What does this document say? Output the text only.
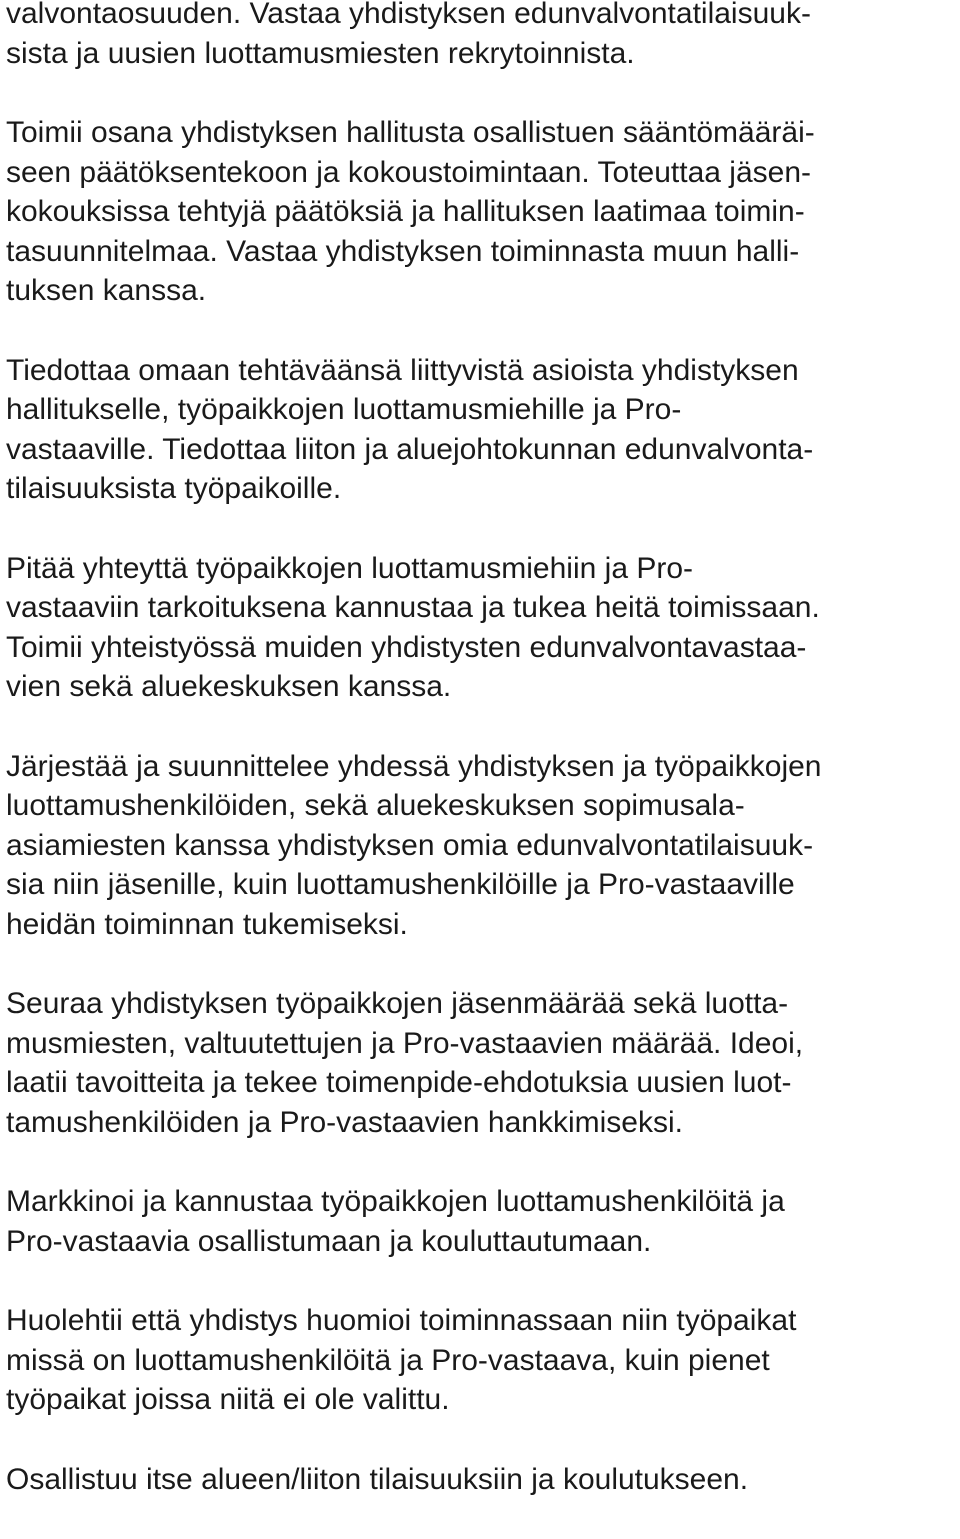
valvontaosuuden. Vastaa yhdistyksen edunvalvontatilaisuuk-
sista ja uusien luottamusmiesten rekrytoinnista.

Toimii osana yhdistyksen hallitusta osallistuen sääntömääräi-
seen päätöksentekoon ja kokoustoimintaan. Toteuttaa jäsen-
kokouksissa tehtyjä päätöksiä ja hallituksen laatimaa toimin-
tasuunnitelmaa. Vastaa yhdistyksen toiminnasta muun halli-
tuksen kanssa.

Tiedottaa omaan tehtäväänsä liittyvistä asioista yhdistyksen
hallitukselle, työpaikkojen luottamusmiehille ja Pro-
vastaaville. Tiedottaa liiton ja aluejohtokunnan edunvalvonta-
tilaisuuksista työpaikoille.

Pitää yhteyttä työpaikkojen luottamusmiehiin ja Pro-
vastaaviin tarkoituksena kannustaa ja tukea heitä toimissaan.
Toimii yhteistyössä muiden yhdistysten edunvalvontavastaa-
vien sekä aluekeskuksen kanssa.

Järjestää ja suunnittelee yhdessä yhdistyksen ja työpaikkojen
luottamushenkilöiden, sekä aluekeskuksen sopimusala-
asiamiesten kanssa yhdistyksen omia edunvalvontatilaisuuk-
sia niin jäsenille, kuin luottamushenkilöille ja Pro-vastaaville
heidän toiminnan tukemiseksi.

Seuraa yhdistyksen työpaikkojen jäsenmäärää sekä luotta-
musmiesten, valtuutettujen ja Pro-vastaavien määrää. Ideoi,
laatii tavoitteita ja tekee toimenpide-ehdotuksia uusien luot-
tamushenkilöiden ja Pro-vastaavien hankkimiseksi.

Markkinoi ja kannustaa työpaikkojen luottamushenkilöitä ja
Pro-vastaavia osallistumaan ja kouluttautumaan.

Huolehtii että yhdistys huomioi toiminnassaan niin työpaikat
missä on luottamushenkilöitä ja Pro-vastaava, kuin pienet
työpaikat joissa niitä ei ole valittu.

Osallistuu itse alueen/liiton tilaisuuksiin ja koulutukseen.
